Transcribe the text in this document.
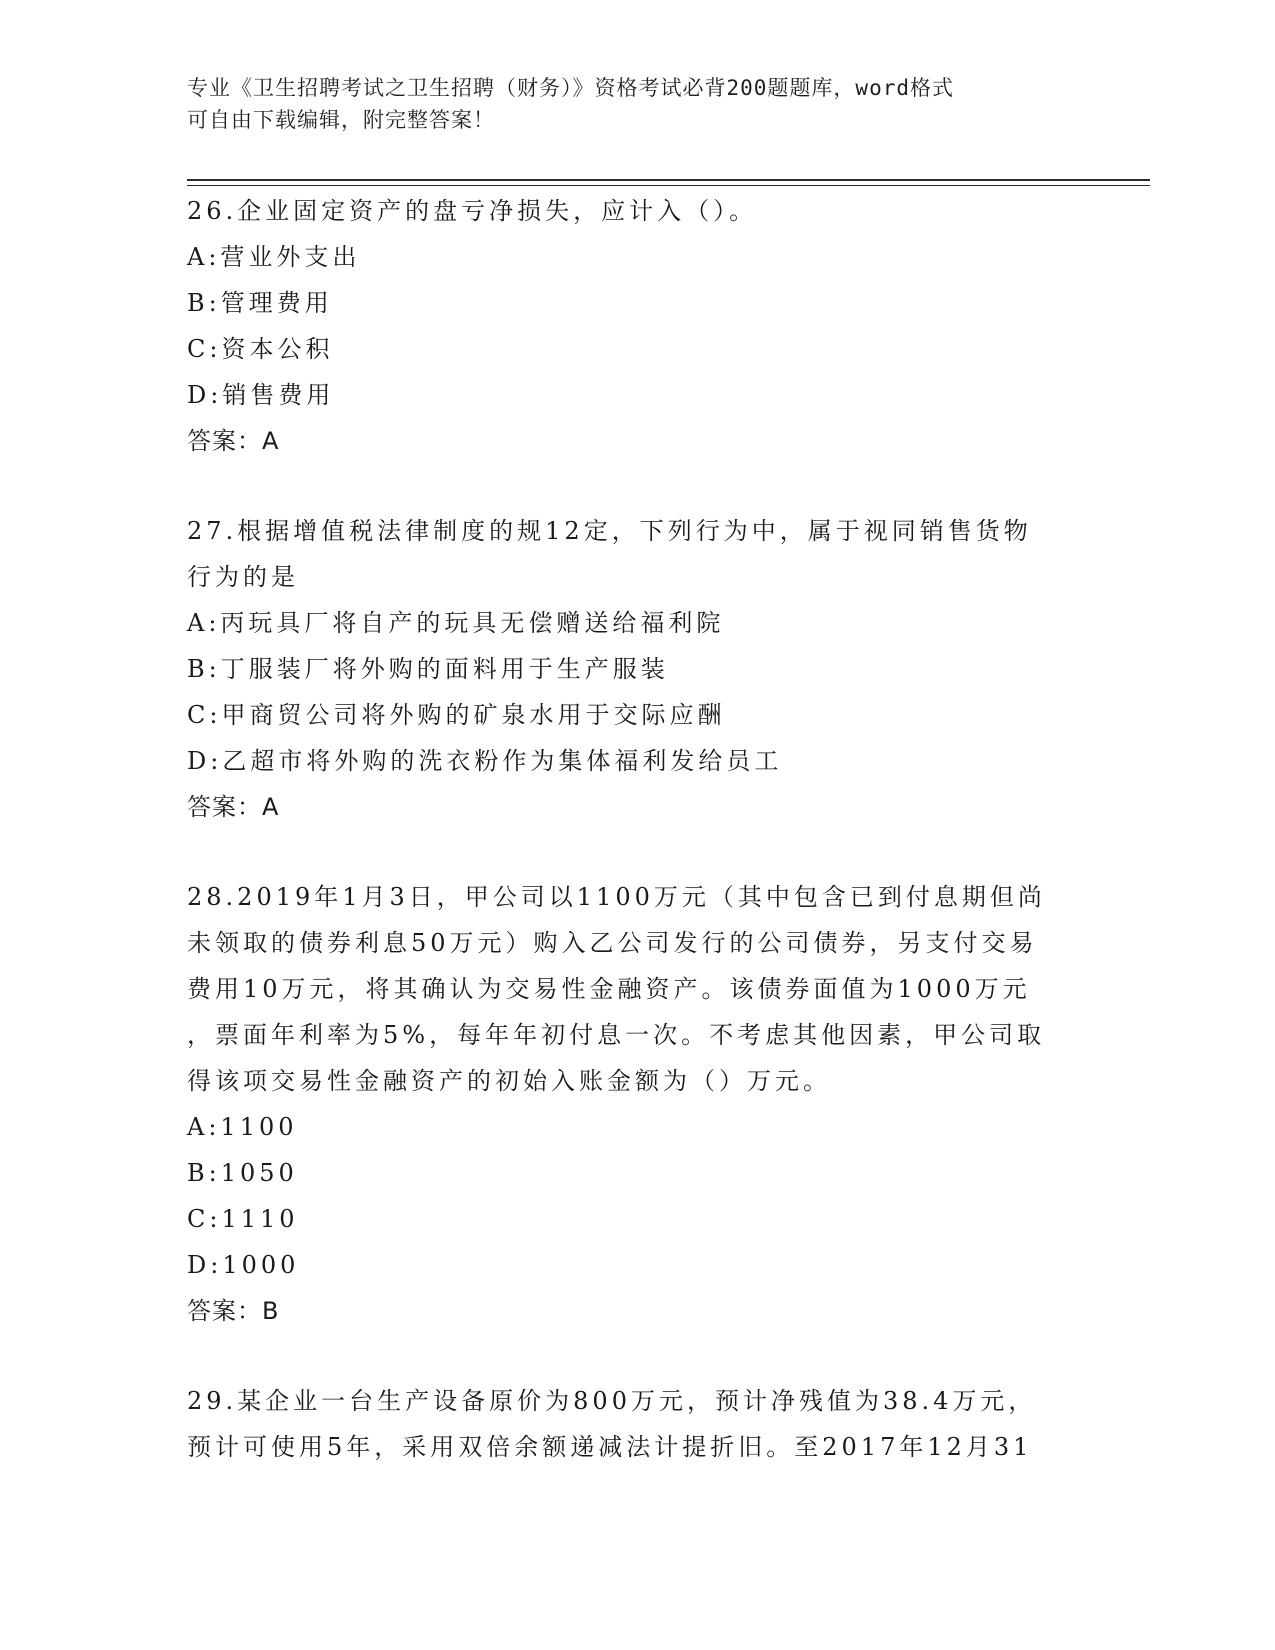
专业《卫生招聘考试之卫生招聘（财务）》资格考试必背200题题库，word格式
可自由下载编辑，附完整答案！
26.企业固定资产的盘亏净损失，应计入（）。
A:营业外支出
B:管理费用
C:资本公积
D:销售费用
答案：A
27.根据增值税法律制度的规12定，下列行为中，属于视同销售货物
行为的是
A:丙玩具厂将自产的玩具无偿赠送给福利院
B:丁服装厂将外购的面料用于生产服装
C:甲商贸公司将外购的矿泉水用于交际应酬
D:乙超市将外购的洗衣粉作为集体福利发给员工
答案：A
28.2019年1月3日，甲公司以1100万元（其中包含已到付息期但尚
未领取的债券利息50万元）购入乙公司发行的公司债券，另支付交易
费用10万元，将其确认为交易性金融资产。该债券面值为1000万元
，票面年利率为5%，每年年初付息一次。不考虑其他因素，甲公司取
得该项交易性金融资产的初始入账金额为（）万元。
A:1100
B:1050
C:1110
D:1000
答案：B
29.某企业一台生产设备原价为800万元，预计净残值为38.4万元，
预计可使用5年，采用双倍余额递减法计提折旧。至2017年12月31
